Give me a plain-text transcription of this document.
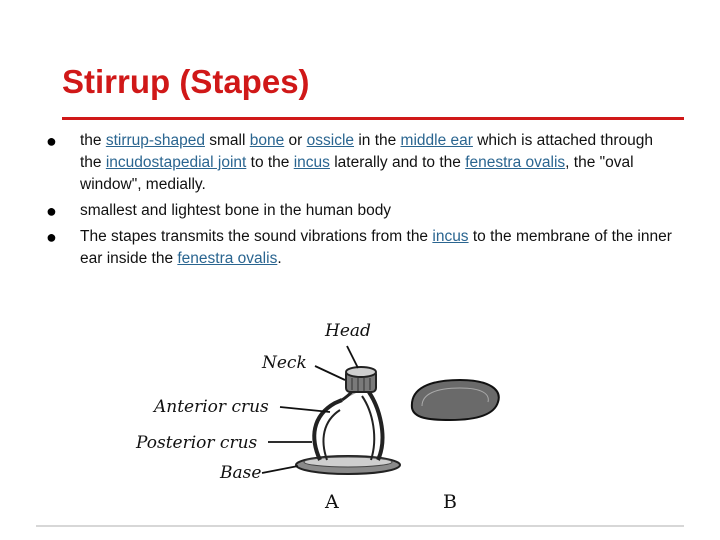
Stirrup (Stapes)
● the stirrup-shaped small bone or ossicle in the middle ear which is attached through the incudostapedial joint to the incus laterally and to the fenestra ovalis, the "oval window", medially.
● smallest and lightest bone in the human body
● The stapes transmits the sound vibrations from the incus to the membrane of the inner ear inside the fenestra ovalis.
Head
Neck
Anterior crus
Posterior crus
Base
A	B
